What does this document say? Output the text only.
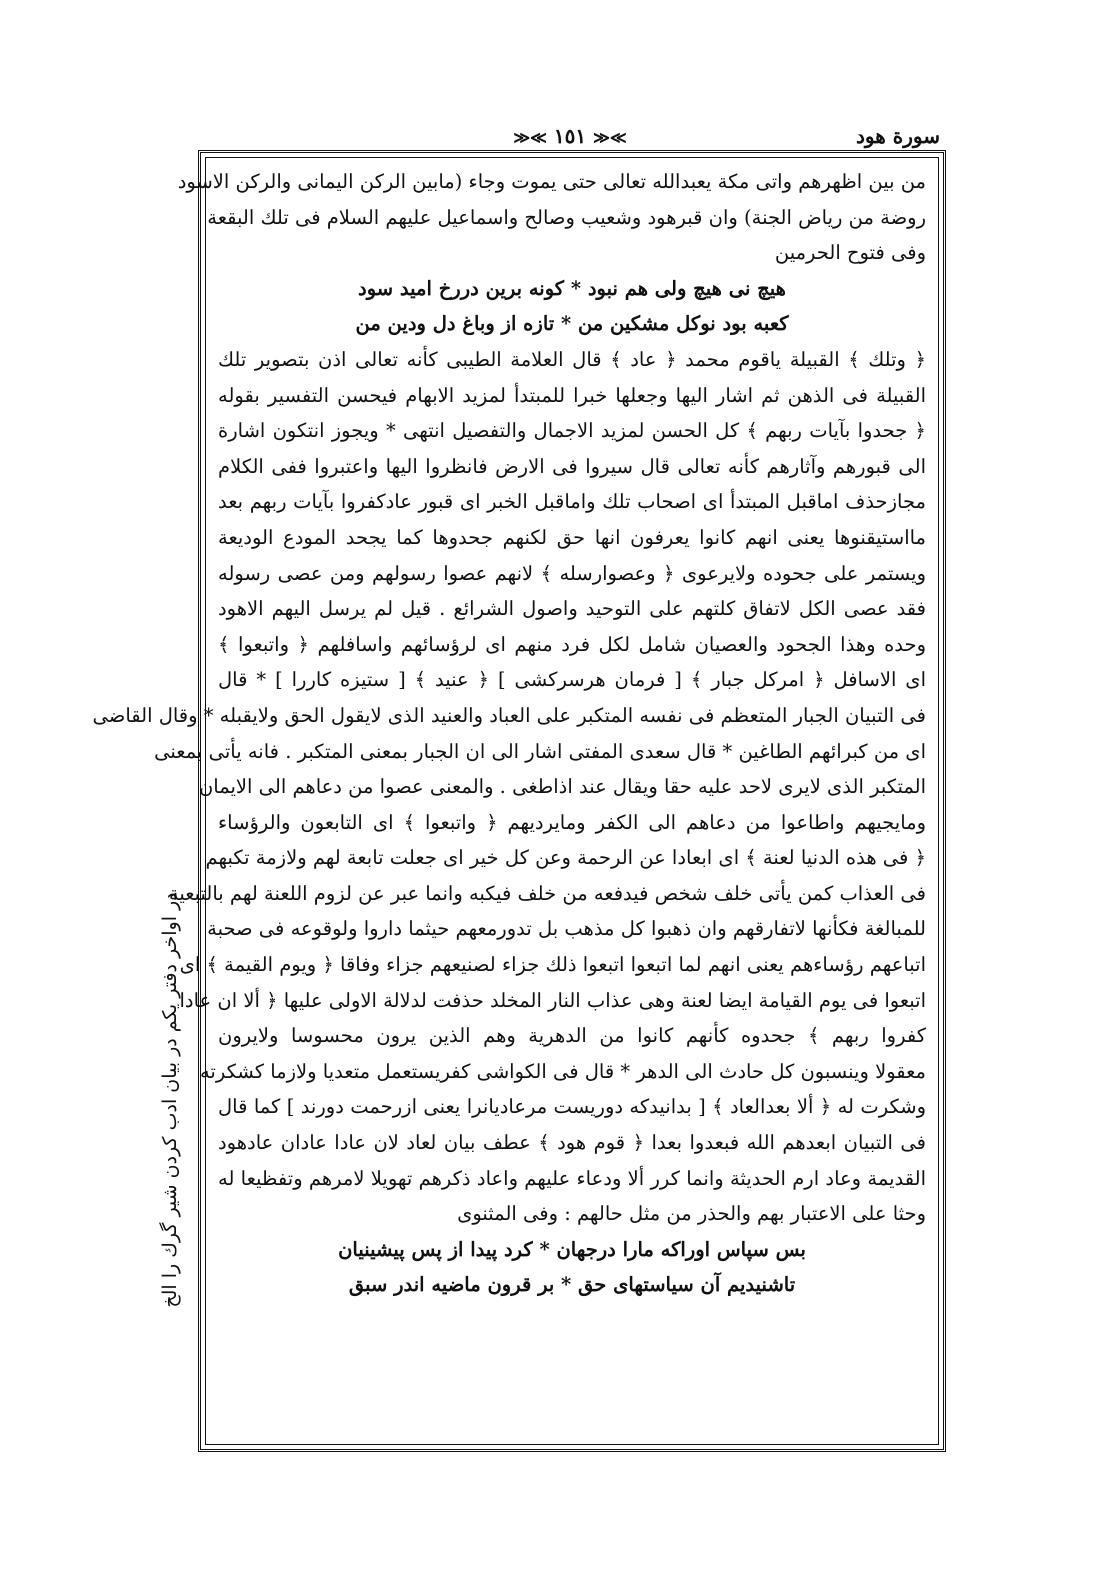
سورة هود
≫≪ ١٥١ ≫≪
من بين اظهرهم واتى مكة يعبدالله تعالى حتى يموت وجاء (مابين الركن اليمانى والركن الاسود
روضة من رياض الجنة) وان قبرهود وشعيب وصالح واسماعيل عليهم السلام فى تلك البقعة
وفى فتوح الحرمين
هيچ نى هيچ ولى هم نبود * كونه برين دررخ اميد سود
كعبه بود نوكل مشكين من * تازه از وباغ دل ودين من
﴿ وتلك ﴾ القبيلة ياقوم محمد ﴿ عاد ﴾ قال العلامة الطيبى كأنه تعالى اذن بتصوير تلك
القبيلة فى الذهن ثم اشار اليها وجعلها خبرا للمبتدأ لمزيد الابهام فيحسن التفسير بقوله
﴿ جحدوا بآيات ربهم ﴾ كل الحسن لمزيد الاجمال والتفصيل انتهى * ويجوز انتكون اشارة
الى قبورهم وآثارهم كأنه تعالى قال سيروا فى الارض فانظروا اليها واعتبروا ففى الكلام
مجازحذف اماقبل المبتدأ اى اصحاب تلك واماقبل الخبر اى قبور عادكفروا بآيات ربهم بعد
مااستيقنوها يعنى انهم كانوا يعرفون انها حق لكنهم جحدوها كما يجحد المودع الوديعة
ويستمر على جحوده ولايرعوى ﴿ وعصوارسله ﴾ لانهم عصوا رسولهم ومن عصى رسوله
فقد عصى الكل لاتفاق كلتهم على التوحيد واصول الشرائع . قيل لم يرسل اليهم الاهود
وحده وهذا الجحود والعصيان شامل لكل فرد منهم اى لرؤسائهم واسافلهم ﴿ واتبعوا ﴾
اى الاسافل ﴿ امركل جبار ﴾ [ فرمان هرسركشى ] ﴿ عنيد ﴾ [ ستيزه كاررا ] * قال
فى التبيان الجبار المتعظم فى نفسه المتكبر على العباد والعنيد الذى لايقول الحق ولايقبله * وقال القاضى
اى من كبرائهم الطاغين * قال سعدى المفتى اشار الى ان الجبار بمعنى المتكبر . فانه يأتى بمعنى
المتكبر الذى لايرى لاحد عليه حقا ويقال عند اذاطغى . والمعنى عصوا من دعاهم الى الايمان
ومايجيهم واطاعوا من دعاهم الى الكفر ومايرديهم ﴿ واتبعوا ﴾ اى التابعون والرؤساء
﴿ فى هذه الدنيا لعنة ﴾ اى ابعادا عن الرحمة وعن كل خير اى جعلت تابعة لهم ولازمة تكبهم
فى العذاب كمن يأتى خلف شخص فيدفعه من خلف فيكبه وانما عبر عن لزوم اللعنة لهم بالتبعية
للمبالغة فكأنها لاتفارقهم وان ذهبوا كل مذهب بل تدورمعهم حيثما داروا ولوقوعه فى صحبة
اتباعهم رؤساءهم يعنى انهم لما اتبعوا اتبعوا ذلك جزاء لصنيعهم جزاء وفاقا ﴿ ويوم القيمة ﴾ اى
اتبعوا فى يوم القيامة ايضا لعنة وهى عذاب النار المخلد حذفت لدلالة الاولى عليها ﴿ ألا ان عادا
كفروا ربهم ﴾ جحدوه كأنهم كانوا من الدهرية وهم الذين يرون محسوسا ولايرون
معقولا وينسبون كل حادث الى الدهر * قال فى الكواشى كفريستعمل متعديا ولازما كشكرته
وشكرت له ﴿ ألا بعدالعاد ﴾ [ بدانيدكه دوريست مرعاديانرا يعنى ازرحمت دورند ] كما قال
فى التبيان ابعدهم الله فبعدوا بعدا ﴿ قوم هود ﴾ عطف بيان لعاد لان عادا عادان عادهود
القديمة وعاد ارم الحديثة وانما كرر ألا ودعاء عليهم واعاد ذكرهم تهويلا لامرهم وتفظيعا له
وحثا على الاعتبار بهم والحذر من مثل حالهم : وفى المثنوى
بس سپاس اوراكه مارا درجهان * كرد پيدا از پس پيشينيان
تاشنيديم آن سياستهاى حق * بر قرون ماضيه اندر سبق
در اواخر دفتر يكم در بيان ادب كردن شير گرك را الخ
